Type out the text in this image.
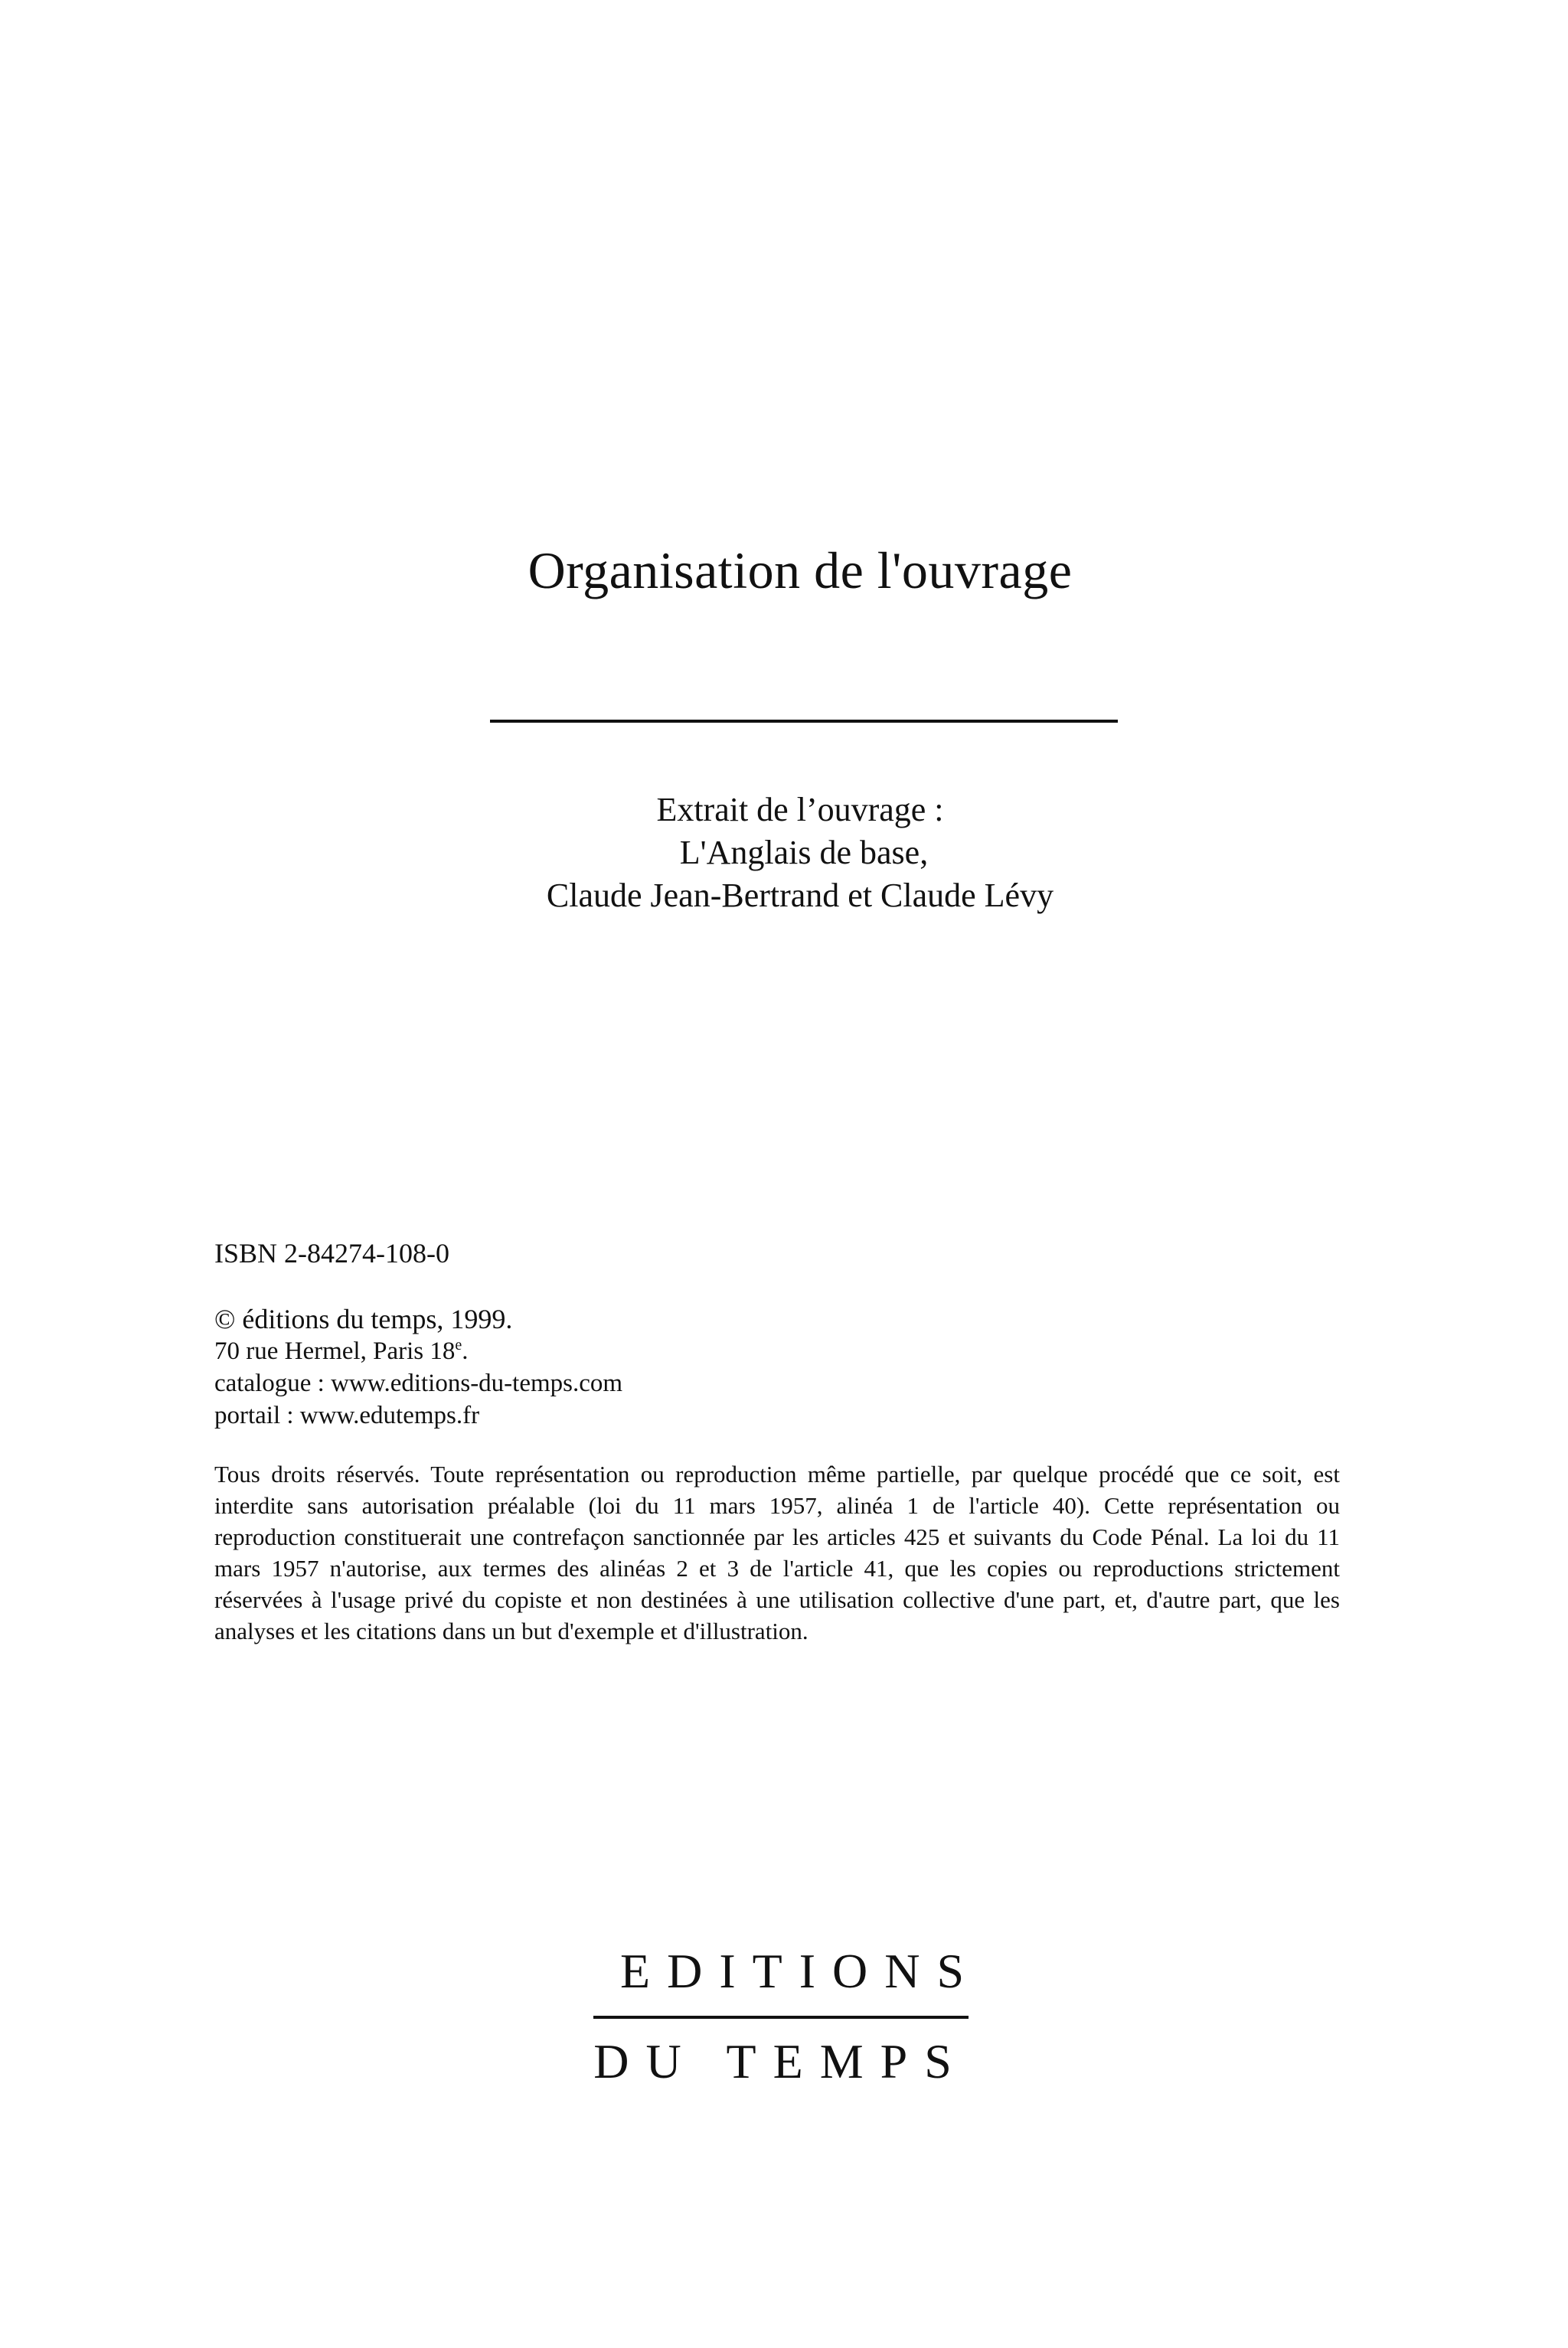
Organisation de l'ouvrage
Extrait de l’ouvrage :
L'Anglais de base,
Claude Jean-Bertrand et Claude Lévy
ISBN 2-84274-108-0
© éditions du temps, 1999.
70 rue Hermel, Paris 18e.
catalogue : www.editions-du-temps.com
portail : www.edutemps.fr

Tous droits réservés. Toute représentation ou reproduction même partielle, par quelque procédé que ce soit, est interdite sans autorisation préalable (loi du 11 mars 1957, alinéa 1 de l'article 40). Cette représentation ou reproduction constituerait une contrefaçon sanctionnée par les articles 425 et suivants du Code Pénal. La loi du 11 mars 1957 n'autorise, aux termes des alinéas 2 et 3 de l'article 41, que les copies ou reproductions strictement réservées à l'usage privé du copiste et non destinées à une utilisation collective d'une part, et, d'autre part, que les analyses et les citations dans un but d'exemple et d'illustration.

EDITIONS
DU TEMPS
